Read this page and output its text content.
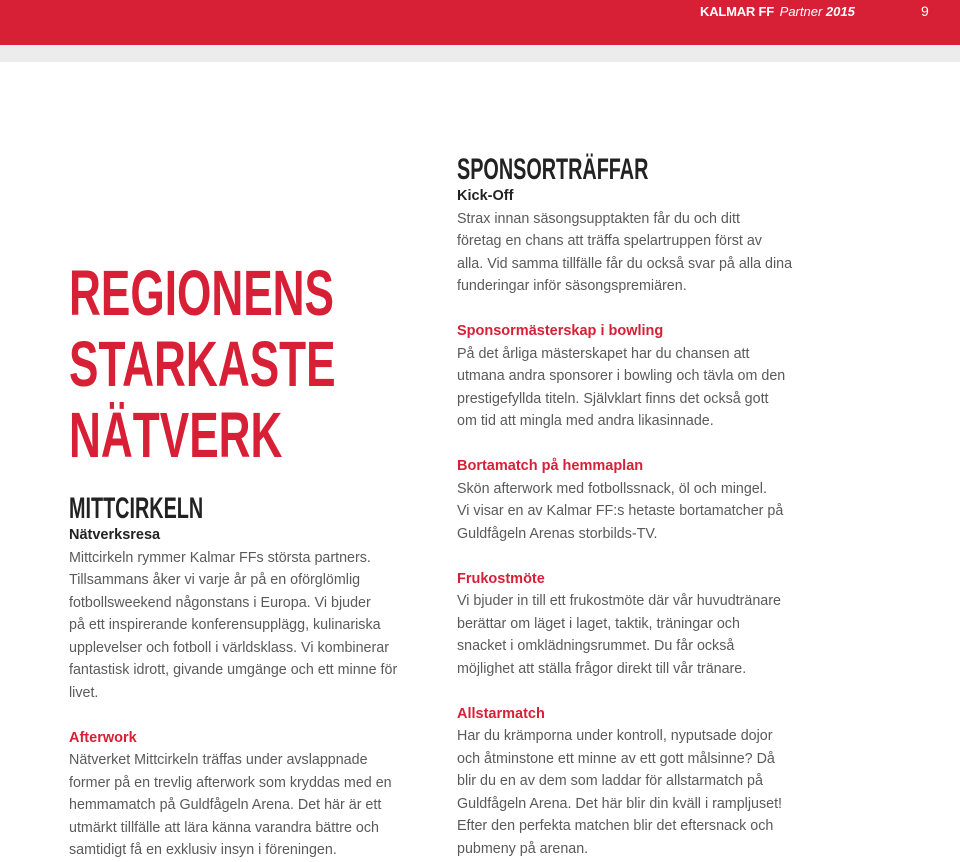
KALMAR FF Partner 2015	9
REGIONENS
STARKASTE
NÄTVERK
MITTCIRKELN

Nätverksresa

Mittcirkeln rymmer Kalmar FFs största partners.
Tillsammans åker vi varje år på en oförglömlig
fotbollsweekend någonstans i Europa. Vi bjuder
på ett inspirerande konferensupplägg, kulinariska
upplevelser och fotboll i världsklass. Vi kombinerar
fantastisk idrott, givande umgänge och ett minne för
livet.

Afterwork

Nätverket Mittcirkeln träffas under avslappnade
former på en trevlig afterwork som kryddas med en
hemmamatch på Guldfågeln Arena. Det här är ett
utmärkt tillfälle att lära känna varandra bättre och
samtidigt få en exklusiv insyn i föreningen.

SPONSORTRÄFFAR

Kick-Off

Strax innan säsongsupptakten får du och ditt
företag en chans att träffa spelartruppen först av
alla. Vid samma tillfälle får du också svar på alla dina
funderingar inför säsongspremiären.

Sponsormästerskap i bowling

På det årliga mästerskapet har du chansen att
utmana andra sponsorer i bowling och tävla om den
prestigefyllda titeln. Självklart finns det också gott
om tid att mingla med andra likasinnade.

Bortamatch på hemmaplan

Skön afterwork med fotbollssnack, öl och mingel.
Vi visar en av Kalmar FF:s hetaste bortamatcher på
Guldfågeln Arenas storbilds-TV.

Frukostmöte

Vi bjuder in till ett frukostmöte där vår huvudtränare
berättar om läget i laget, taktik, träningar och
snacket i omklädningsrummet. Du får också
möjlighet att ställa frågor direkt till vår tränare.

Allstarmatch

Har du krämporna under kontroll, nyputsade dojor
och åtminstone ett minne av ett gott målsinne? Då
blir du en av dem som laddar för allstarmatch på
Guldfågeln Arena. Det här blir din kväll i rampljuset!
Efter den perfekta matchen blir det eftersnack och
pubmeny på arenan.
